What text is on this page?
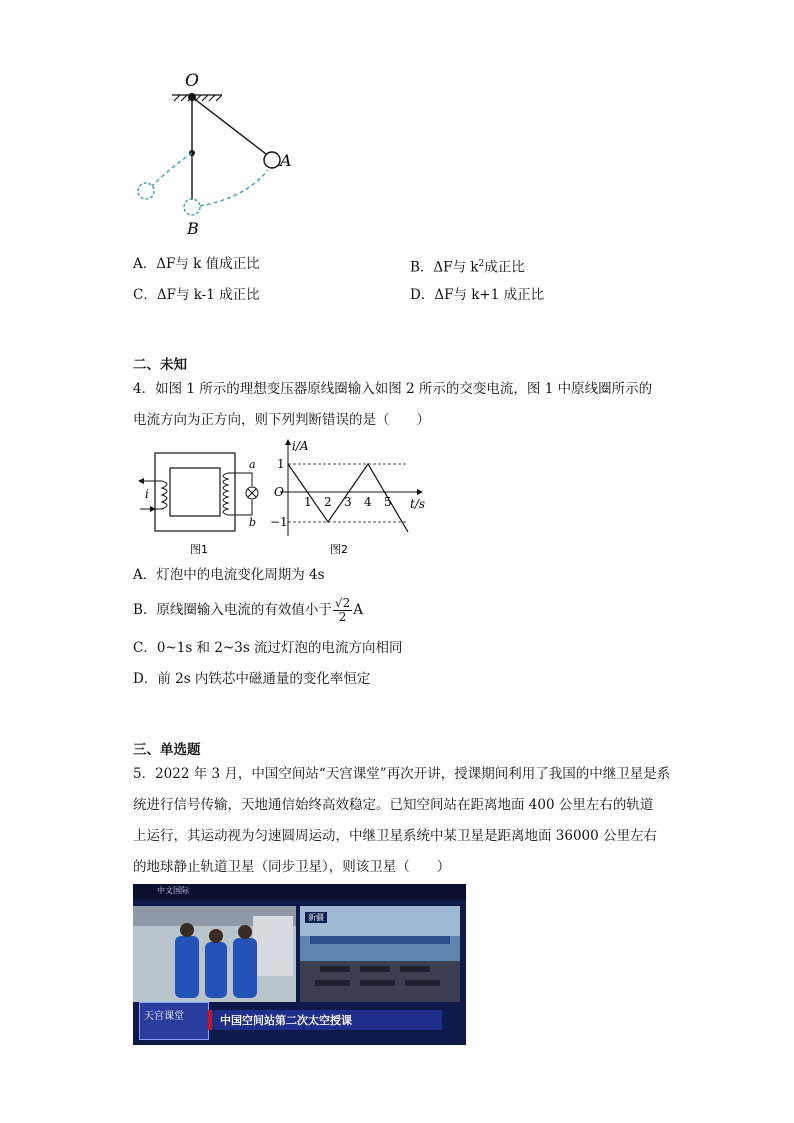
O
A
B
A．ΔF与 k 值成正比	B．ΔF与 $k^2$成正比
C．ΔF与 k-1 成正比	D．ΔF与 k+1 成正比
二、未知
4．如图 1 所示的理想变压器原线圈输入如图 2 所示的交变电流，图 1 中原线圈所示的
电流方向为正方向，则下列判断错误的是（　　）
i
a
b
图1
i/A
t/s
O
1
−1
1 2 3 4 5
图2
A．灯泡中的电流变化周期为 4s
B．原线圈输入电流的有效值小于 $\frac{√2}{2}$ A
C．0~1s 和 2~3s 流过灯泡的电流方向相同
D．前 2s 内铁芯中磁通量的变化率恒定
三、单选题
5．2022 年 3 月，中国空间站“天宫课堂”再次开讲，授课期间利用了我国的中继卫星是系
统进行信号传输，天地通信始终高效稳定。已知空间站在距离地面 400 公里左右的轨道
上运行，其运动视为匀速圆周运动，中继卫星系统中某卫星是距离地面 36000 公里左右
的地球静止轨道卫星（同步卫星），则该卫星（　　）
中文国际
新疆
天宫课堂	中国空间站第二次太空授课
